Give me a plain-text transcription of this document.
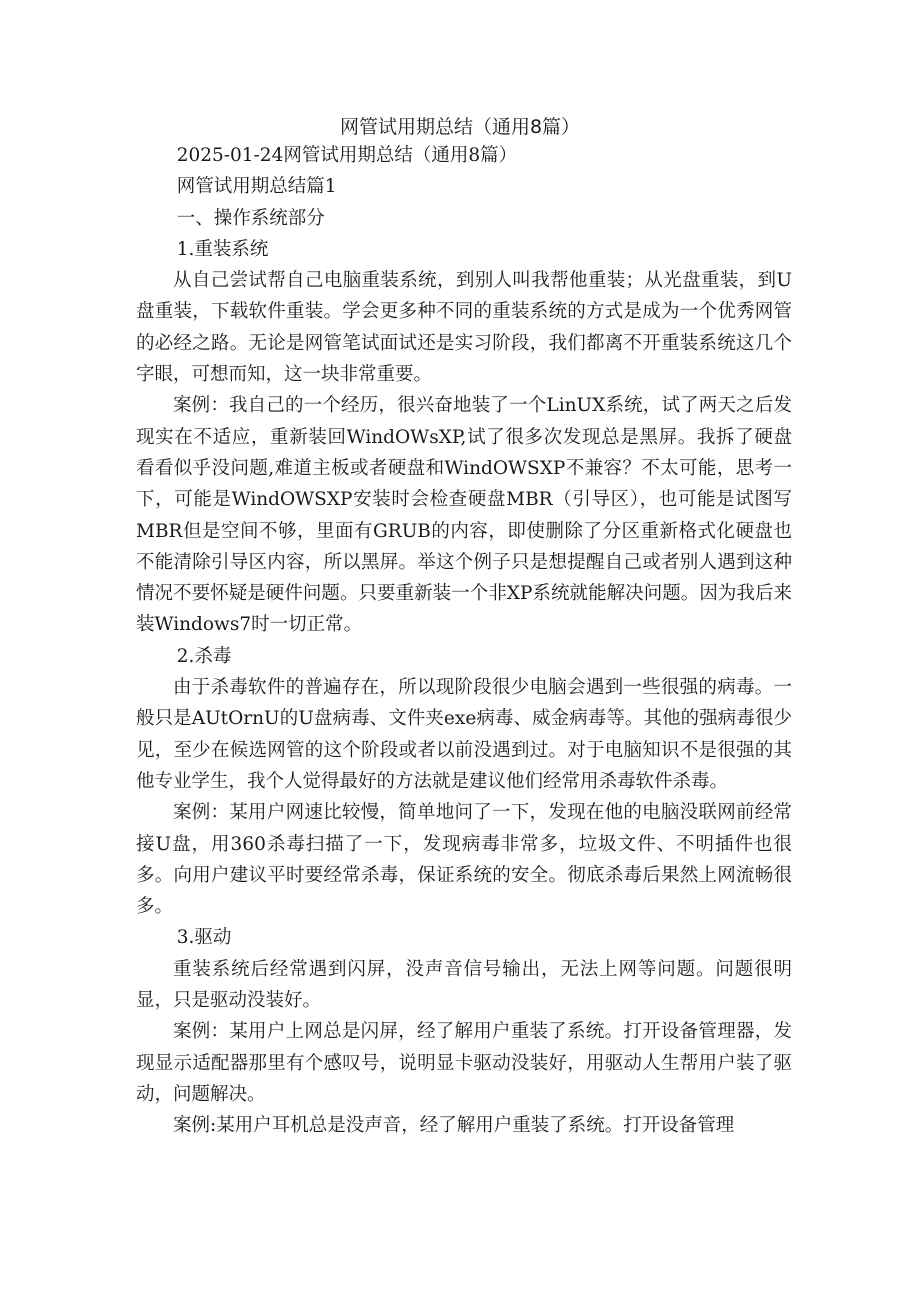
网管试用期总结（通用8篇）

2025-01-24网管试用期总结（通用8篇）

网管试用期总结篇1

一、操作系统部分

1.重装系统

从自己尝试帮自己电脑重装系统，到别人叫我帮他重装；从光盘重装，到U盘重装，下载软件重装。学会更多种不同的重装系统的方式是成为一个优秀网管的必经之路。无论是网管笔试面试还是实习阶段，我们都离不开重装系统这几个字眼，可想而知，这一块非常重要。

案例：我自己的一个经历，很兴奋地装了一个LinUX系统，试了两天之后发现实在不适应，重新装回WindOWsXP,试了很多次发现总是黑屏。我拆了硬盘看看似乎没问题,难道主板或者硬盘和WindOWSXP不兼容？不太可能，思考一下，可能是WindOWSXP安装时会检查硬盘MBR（引导区），也可能是试图写MBR但是空间不够，里面有GRUB的内容，即使删除了分区重新格式化硬盘也不能清除引导区内容，所以黑屏。举这个例子只是想提醒自己或者别人遇到这种情况不要怀疑是硬件问题。只要重新装一个非XP系统就能解决问题。因为我后来装Windows7时一切正常。

2.杀毒

由于杀毒软件的普遍存在，所以现阶段很少电脑会遇到一些很强的病毒。一般只是AUtOrnU的U盘病毒、文件夹exe病毒、威金病毒等。其他的强病毒很少见，至少在候选网管的这个阶段或者以前没遇到过。对于电脑知识不是很强的其他专业学生，我个人觉得最好的方法就是建议他们经常用杀毒软件杀毒。

案例：某用户网速比较慢，简单地问了一下，发现在他的电脑没联网前经常接U盘，用360杀毒扫描了一下，发现病毒非常多，垃圾文件、不明插件也很多。向用户建议平时要经常杀毒，保证系统的安全。彻底杀毒后果然上网流畅很多。

3.驱动

重装系统后经常遇到闪屏，没声音信号输出，无法上网等问题。问题很明显，只是驱动没装好。

案例：某用户上网总是闪屏，经了解用户重装了系统。打开设备管理器，发现显示适配器那里有个感叹号，说明显卡驱动没装好，用驱动人生帮用户装了驱动，问题解决。

案例:某用户耳机总是没声音，经了解用户重装了系统。打开设备管理
